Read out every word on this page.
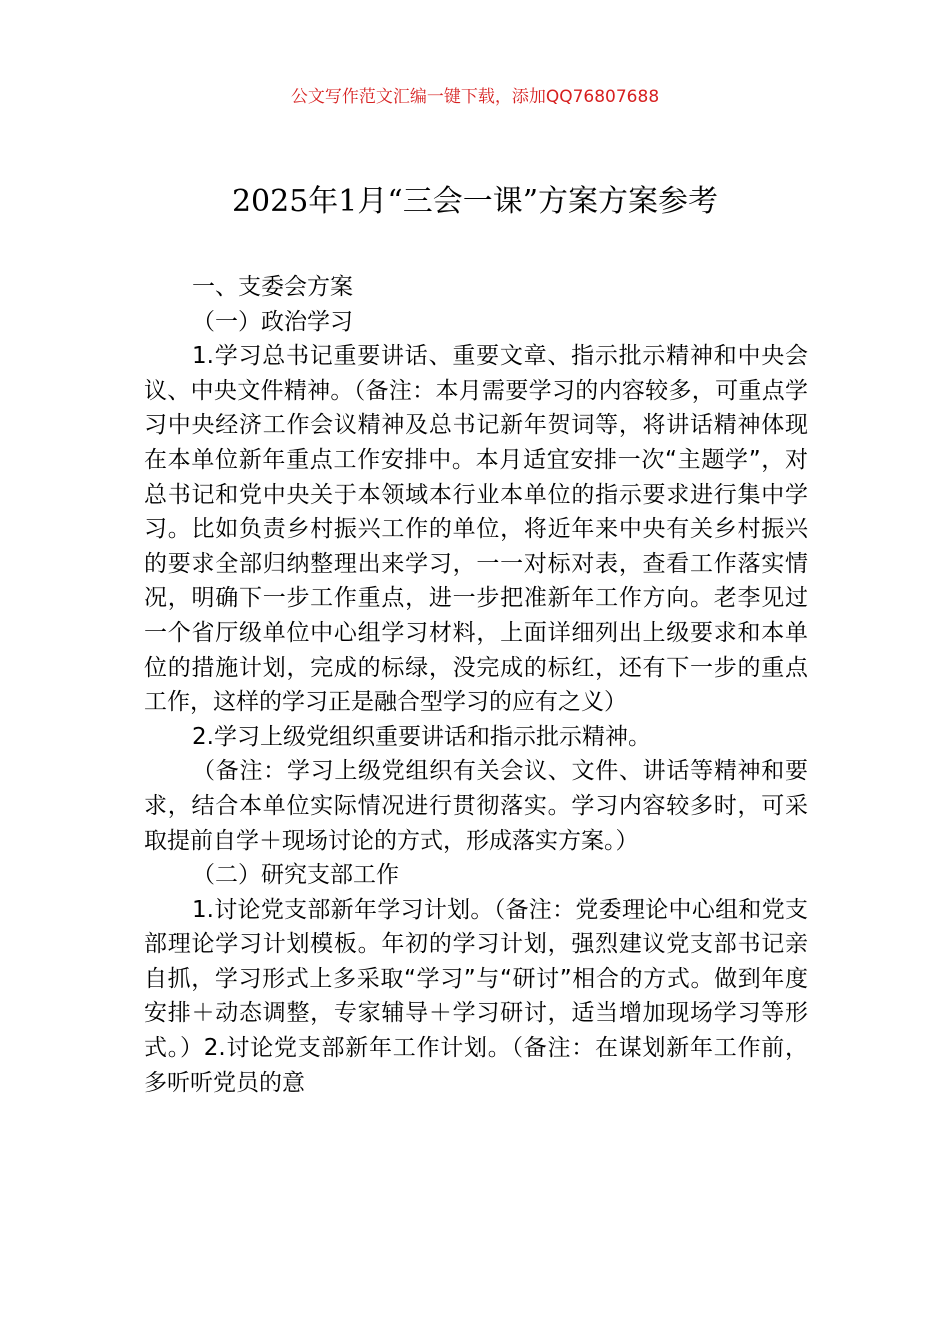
公文写作范文汇编一键下载，添加QQ76807688
2025年1月“三会一课”方案方案参考

一、支委会方案

（一）政治学习

1.学习总书记重要讲话、重要文章、指示批示精神和中央会议、中央文件精神。（备注：本月需要学习的内容较多，可重点学习中央经济工作会议精神及总书记新年贺词等，将讲话精神体现在本单位新年重点工作安排中。本月适宜安排一次“主题学”，对总书记和党中央关于本领域本行业本单位的指示要求进行集中学习。比如负责乡村振兴工作的单位，将近年来中央有关乡村振兴的要求全部归纳整理出来学习，一一对标对表，查看工作落实情况，明确下一步工作重点，进一步把准新年工作方向。老李见过一个省厅级单位中心组学习材料，上面详细列出上级要求和本单位的措施计划，完成的标绿，没完成的标红，还有下一步的重点工作，这样的学习正是融合型学习的应有之义）

2.学习上级党组织重要讲话和指示批示精神。

（备注：学习上级党组织有关会议、文件、讲话等精神和要求，结合本单位实际情况进行贯彻落实。学习内容较多时，可采取提前自学＋现场讨论的方式，形成落实方案。）

（二）研究支部工作

1.讨论党支部新年学习计划。（备注：党委理论中心组和党支部理论学习计划模板。年初的学习计划，强烈建议党支部书记亲自抓，学习形式上多采取“学习”与“研讨”相合的方式。做到年度安排＋动态调整，专家辅导＋学习研讨，适当增加现场学习等形式。）2.讨论党支部新年工作计划。（备注：在谋划新年工作前，多听听党员的意
